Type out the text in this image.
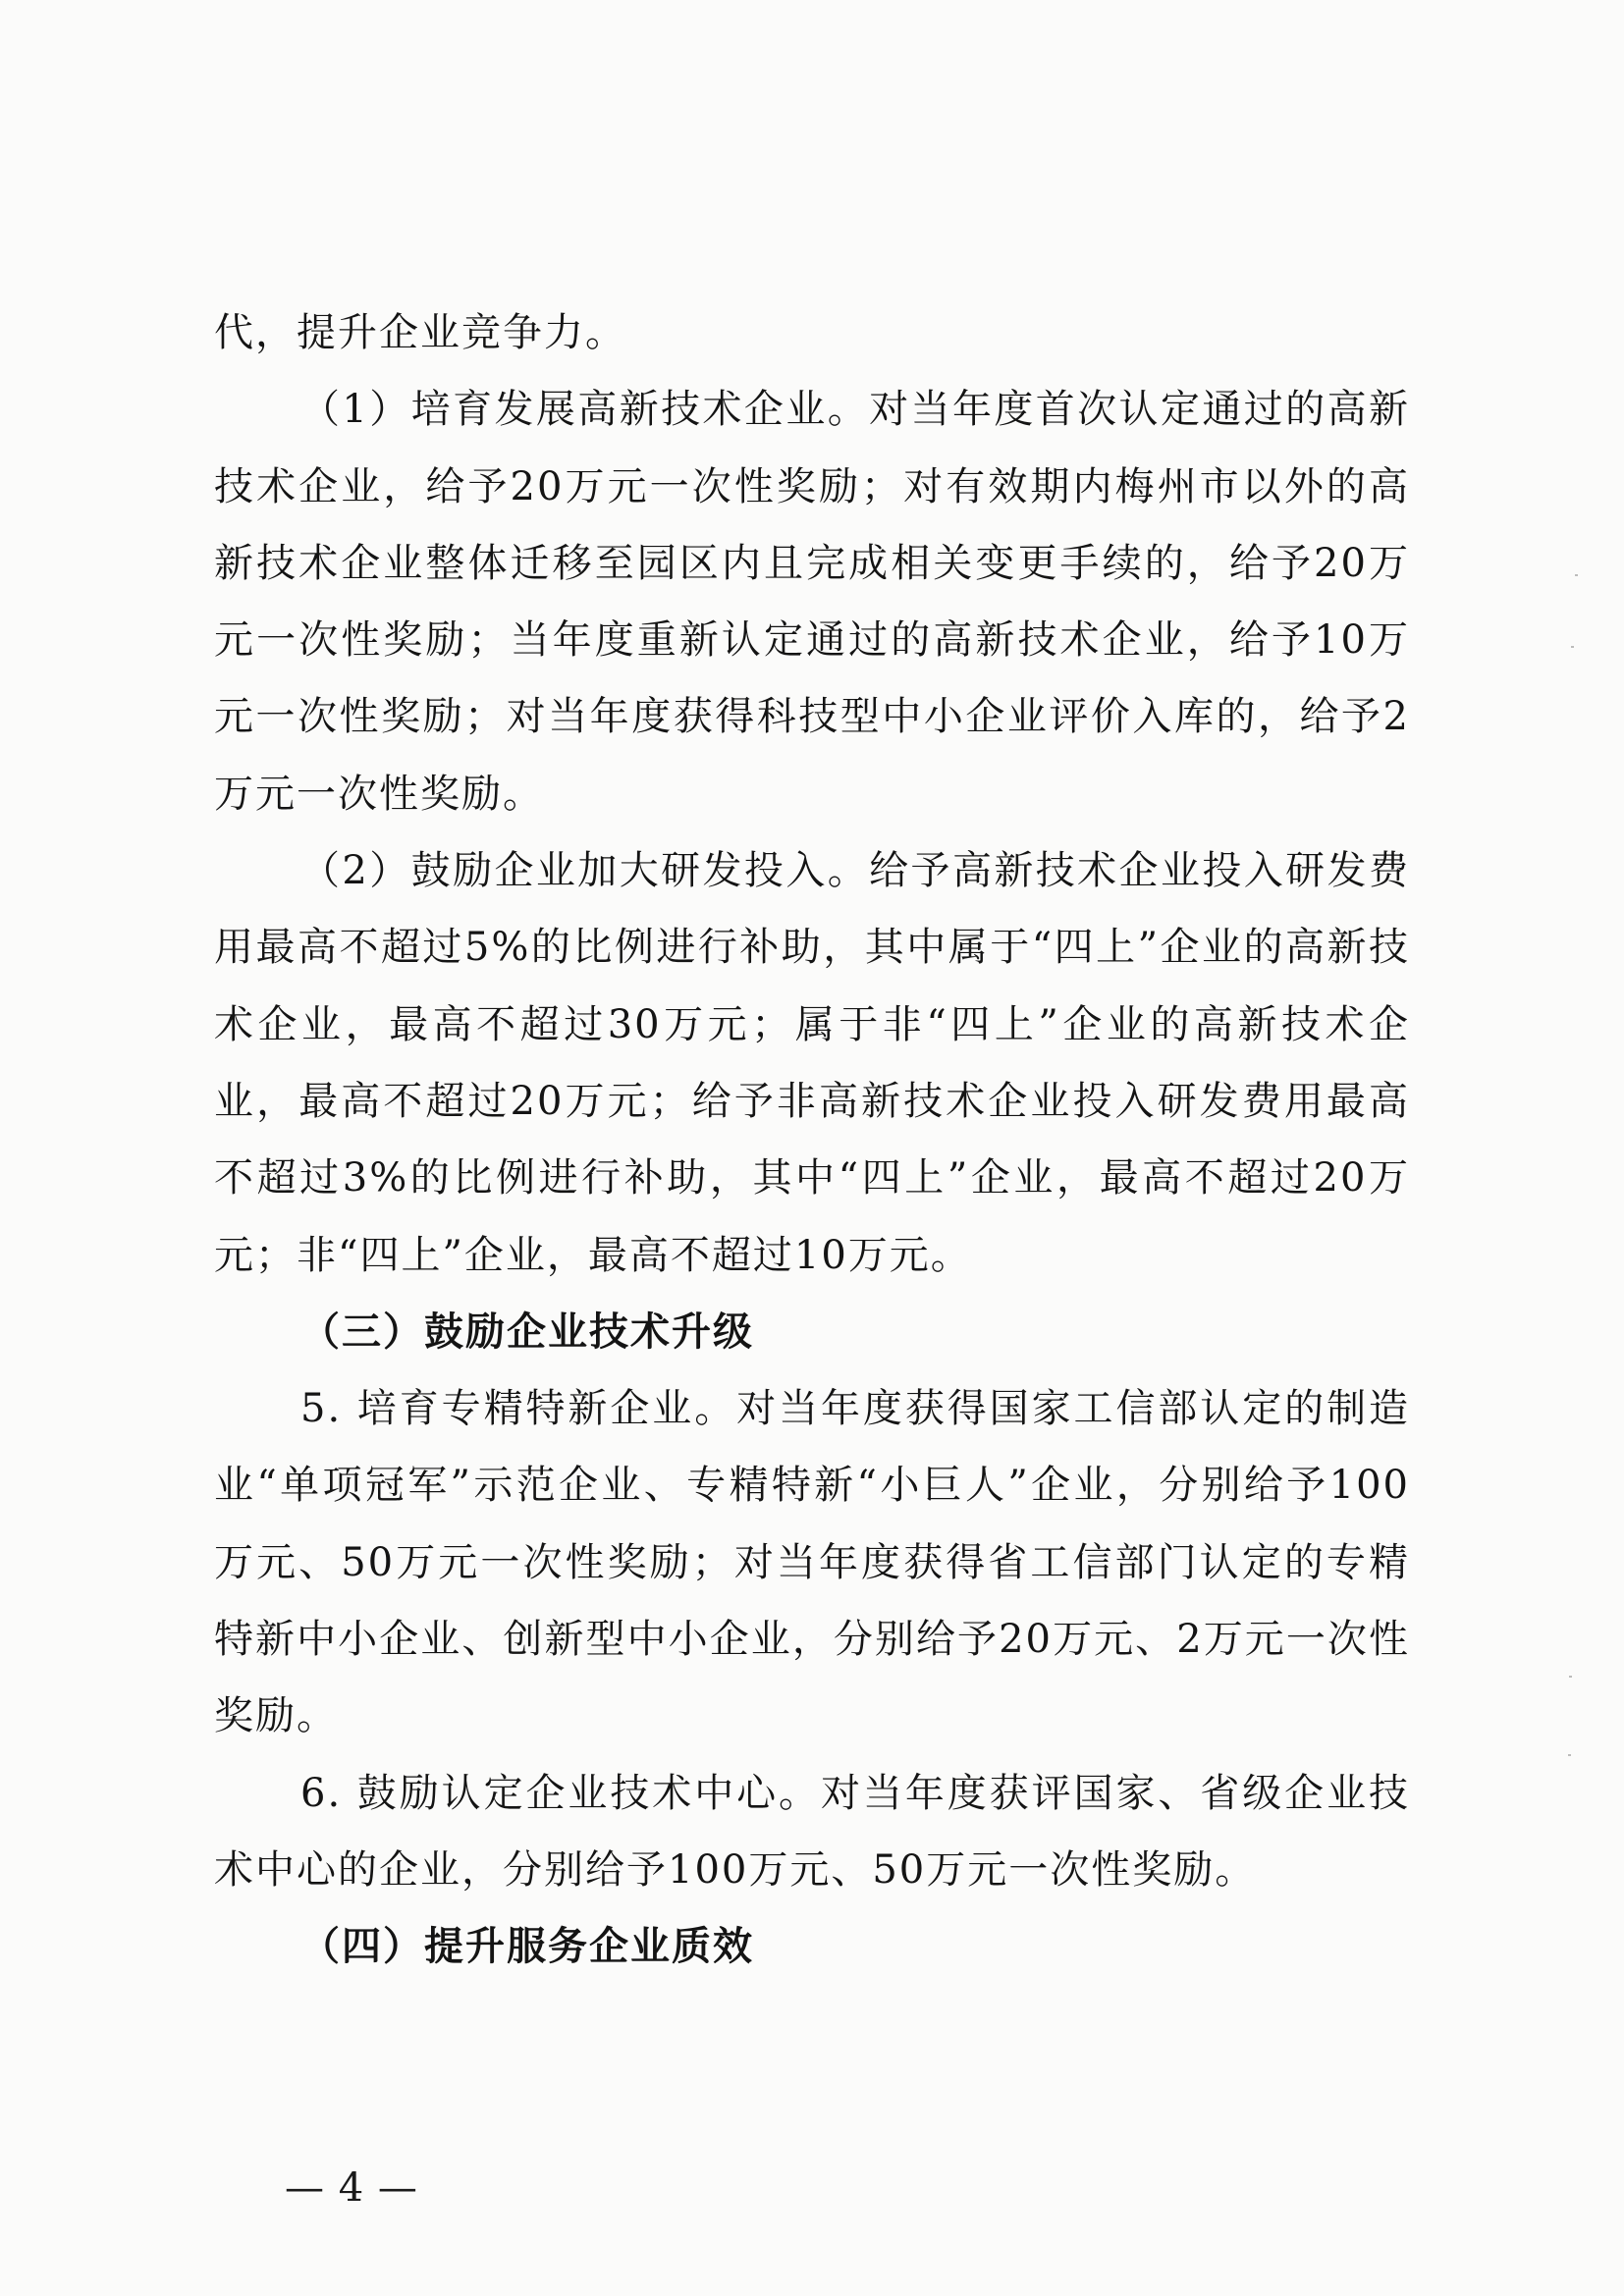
代，提升企业竞争力。

（1）培育发展高新技术企业。对当年度首次认定通过的高新技术企业，给予20万元一次性奖励；对有效期内梅州市以外的高新技术企业整体迁移至园区内且完成相关变更手续的，给予20万元一次性奖励；当年度重新认定通过的高新技术企业，给予10万元一次性奖励；对当年度获得科技型中小企业评价入库的，给予2万元一次性奖励。

（2）鼓励企业加大研发投入。给予高新技术企业投入研发费用最高不超过5%的比例进行补助，其中属于“四上”企业的高新技术企业，最高不超过30万元；属于非“四上”企业的高新技术企业，最高不超过20万元；给予非高新技术企业投入研发费用最高不超过3%的比例进行补助，其中“四上”企业，最高不超过20万元；非“四上”企业，最高不超过10万元。

（三）鼓励企业技术升级

5. 培育专精特新企业。对当年度获得国家工信部认定的制造业“单项冠军”示范企业、专精特新“小巨人”企业，分别给予100万元、50万元一次性奖励；对当年度获得省工信部门认定的专精特新中小企业、创新型中小企业，分别给予20万元、2万元一次性奖励。

6. 鼓励认定企业技术中心。对当年度获评国家、省级企业技术中心的企业，分别给予100万元、50万元一次性奖励。

（四）提升服务企业质效

— 4 —
